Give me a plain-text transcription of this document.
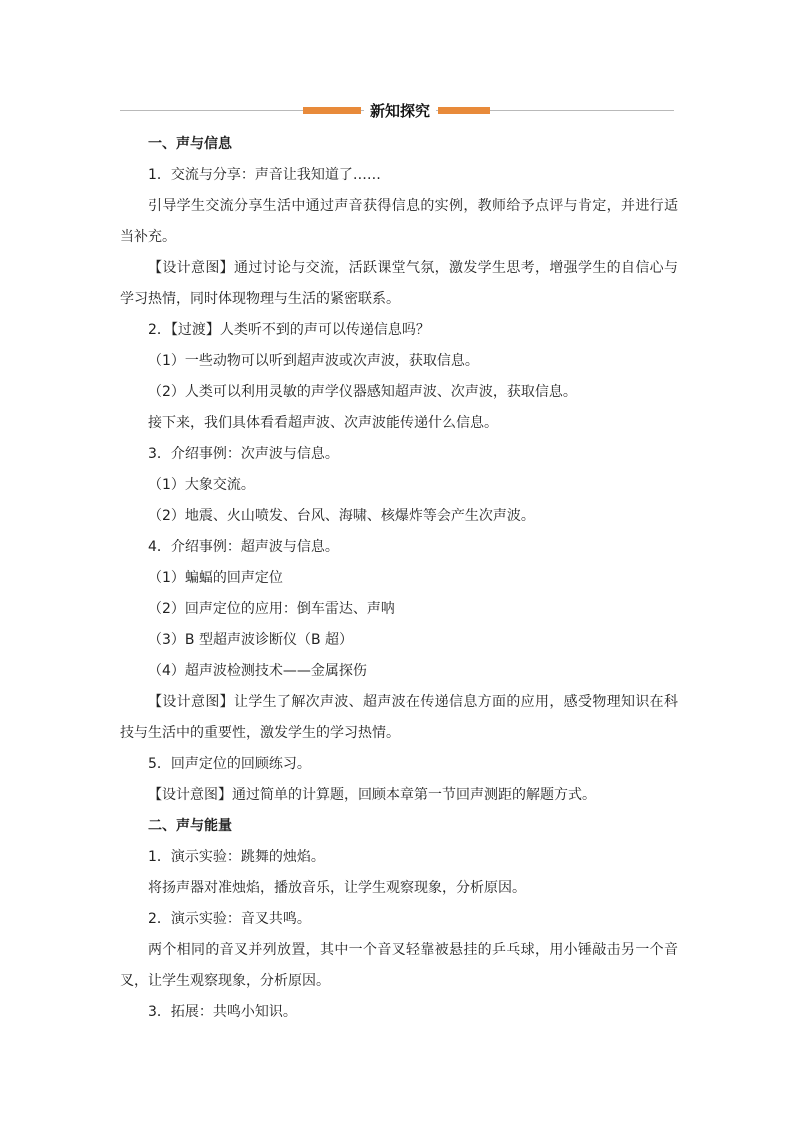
新知探究

一、声与信息

1．交流与分享：声音让我知道了……

引导学生交流分享生活中通过声音获得信息的实例，教师给予点评与肯定，并进行适当补充。

【设计意图】通过讨论与交流，活跃课堂气氛，激发学生思考，增强学生的自信心与学习热情，同时体现物理与生活的紧密联系。

2．【过渡】人类听不到的声可以传递信息吗？

（1）一些动物可以听到超声波或次声波，获取信息。

（2）人类可以利用灵敏的声学仪器感知超声波、次声波，获取信息。

接下来，我们具体看看超声波、次声波能传递什么信息。

3．介绍事例：次声波与信息。

（1）大象交流。

（2）地震、火山喷发、台风、海啸、核爆炸等会产生次声波。

4．介绍事例：超声波与信息。

（1）蝙蝠的回声定位

（2）回声定位的应用：倒车雷达、声呐

（3）B 型超声波诊断仪（B 超）

（4）超声波检测技术——金属探伤

【设计意图】让学生了解次声波、超声波在传递信息方面的应用，感受物理知识在科技与生活中的重要性，激发学生的学习热情。

5．回声定位的回顾练习。

【设计意图】通过简单的计算题，回顾本章第一节回声测距的解题方式。

二、声与能量

1．演示实验：跳舞的烛焰。

将扬声器对准烛焰，播放音乐，让学生观察现象，分析原因。

2．演示实验：音叉共鸣。

两个相同的音叉并列放置，其中一个音叉轻靠被悬挂的乒乓球，用小锤敲击另一个音叉，让学生观察现象，分析原因。

3．拓展：共鸣小知识。
